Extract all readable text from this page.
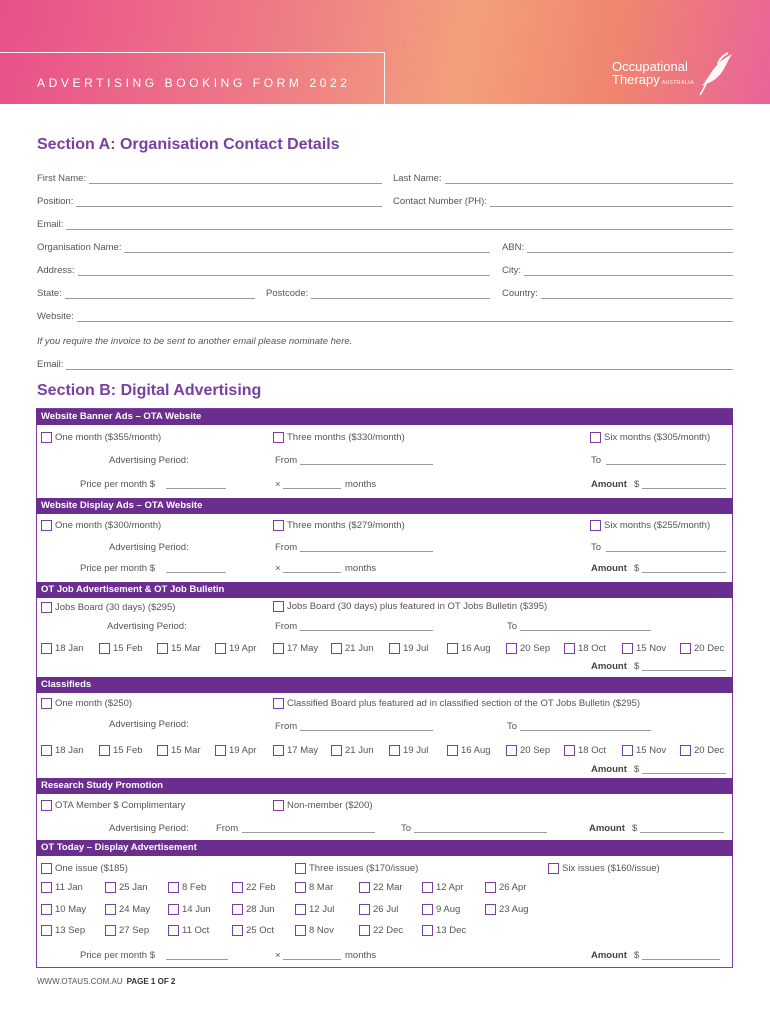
ADVERTISING BOOKING FORM 2022
Occupational
Therapy AUSTRALIA
Section A: Organisation Contact Details
First Name:	Last Name:
Position:	Contact Number (PH):
Email:
Organisation Name:	ABN:
Address:	City:
State:	Postcode:	Country:
Website:
If you require the invoice to be sent to another email please nominate here.
Email:
Section B: Digital Advertising
Website Banner Ads – OTA Website
One month ($355/month)	Three months ($330/month)	Six months ($305/month)
Advertising Period:	From	To
Price per month $	×	months	Amount $
Website Display Ads – OTA Website
One month ($300/month)	Three months ($279/month)	Six months ($255/month)
Advertising Period:	From	To
Price per month $	×	months	Amount $
OT Job Advertisement & OT Job Bulletin
Jobs Board (30 days) ($295)	Jobs Board (30 days) plus featured in OT Jobs Bulletin ($395)
Advertising Period:	From	To
18 Jan	15 Feb	15 Mar	19 Apr	17 May	21 Jun	19 Jul	16 Aug	20 Sep	18 Oct	15 Nov	20 Dec
Amount $
Classifieds
One month ($250)	Classified Board plus featured ad in classified section of the OT Jobs Bulletin ($295)
Advertising Period:	From	To
18 Jan	15 Feb	15 Mar	19 Apr	17 May	21 Jun	19 Jul	16 Aug	20 Sep	18 Oct	15 Nov	20 Dec
Amount $
Research Study Promotion
OTA Member $ Complimentary	Non-member ($200)
Advertising Period:	From	To	Amount $
OT Today – Display Advertisement
One issue ($185)	Three issues ($170/issue)	Six issues ($160/issue)
11 Jan	25 Jan	8 Feb	22 Feb	8 Mar	22 Mar	12 Apr	26 Apr
10 May	24 May	14 Jun	28 Jun	12 Jul	26 Jul	9 Aug	23 Aug
13 Sep	27 Sep	11 Oct	25 Oct	8 Nov	22 Dec	13 Dec
Price per month $	×	months	Amount $
WWW.OTAUS.COM.AU PAGE 1 OF 2
